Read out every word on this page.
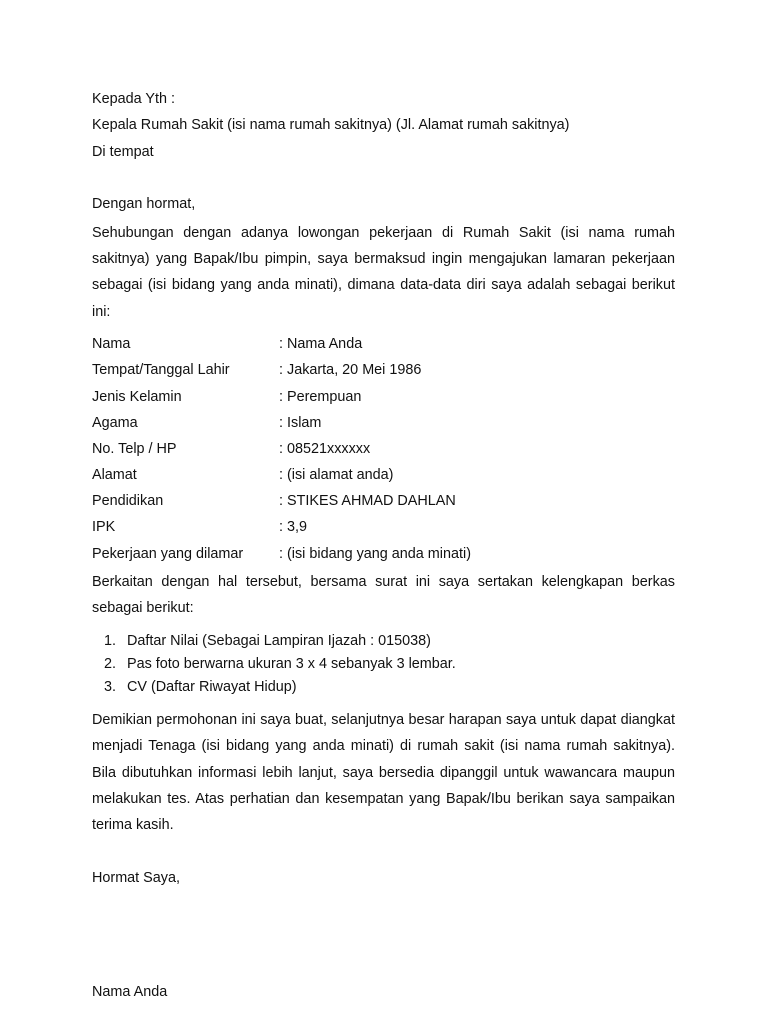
Kepada Yth :
Kepala Rumah Sakit (isi nama rumah sakitnya) (Jl. Alamat rumah sakitnya)
Di tempat
Dengan hormat,
Sehubungan dengan adanya lowongan pekerjaan di Rumah Sakit (isi nama rumah sakitnya) yang Bapak/Ibu pimpin, saya bermaksud ingin mengajukan lamaran pekerjaan sebagai (isi bidang yang anda minati), dimana data-data diri saya adalah sebagai berikut ini:
Nama	: Nama Anda
Tempat/Tanggal Lahir	: Jakarta, 20 Mei 1986
Jenis Kelamin	: Perempuan
Agama	: Islam
No. Telp / HP	: 08521xxxxxx
Alamat	: (isi alamat anda)
Pendidikan	: STIKES AHMAD DAHLAN
IPK	: 3,9
Pekerjaan yang dilamar	: (isi bidang yang anda minati)
Berkaitan dengan hal tersebut, bersama surat ini saya sertakan kelengkapan berkas sebagai berikut:
1. Daftar Nilai (Sebagai Lampiran Ijazah : 015038)
2. Pas foto berwarna ukuran 3 x 4 sebanyak 3 lembar.
3. CV (Daftar Riwayat Hidup)
Demikian permohonan ini saya buat, selanjutnya besar harapan saya untuk dapat diangkat menjadi Tenaga (isi bidang yang anda minati) di rumah sakit (isi nama rumah sakitnya). Bila dibutuhkan informasi lebih lanjut, saya bersedia dipanggil untuk wawancara maupun melakukan tes. Atas perhatian dan kesempatan yang Bapak/Ibu berikan saya sampaikan terima kasih.
Hormat Saya,
Nama Anda
